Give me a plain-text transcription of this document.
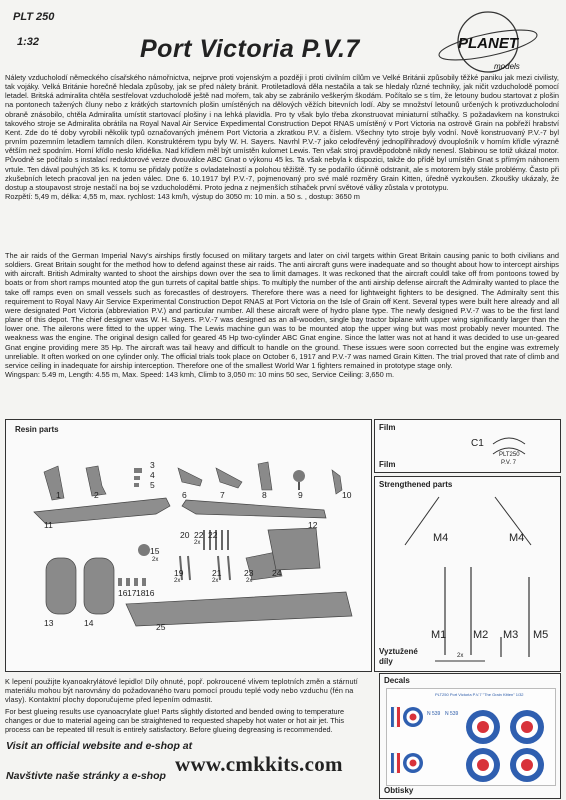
PLT 250
1:32	Port Victoria P.V.7	PLANET
models
Nálety vzducholodí německého císařského námořnictva, nejprve proti vojenským a později i proti civilním cílům ve Velké Británii způsobily těžké paniku jak mezi civilisty, tak vojáky. Velká Británie horečně hledala způsoby, jak se před nálety bránit. Protiletadlová děla nestačila a tak se hledaly různé techniky, jak ničit vzducholodě pomocí letadel. Britská admiralita chtěla sestřelovat vzducholodě ještě nad mořem, tak aby se zabránilo veškerým škodám. Počítalo se s tím, že letouny budou startovat z plošin na pontonech tažených čluny nebo z krátkých startovních plošin umístěných na dělových věžích bitevních lodí. Aby se množství letounů určených k protivzducholodní obraně znásobilo, chtěla Admiralita umístit startovací plošiny i na lehká plavidla. Pro ty však bylo třeba zkonstruovat miniaturní stíhačky. S požadavkem na konstrukci takového stroje se Admiralita obrátila na Royal Naval Air Service Expedimental Construction Depot RNAS umístěný v Port Victoria na ostrově Grain na pobřeží hrabství Kent. Zde do té doby vyrobili několik typů označovaných jménem Port Victoria a zkratkou P.V. a číslem. Všechny tyto stroje byly vodní. Nově konstruovaný P.V.-7 byl prvním pozemním letadlem tamních dílen. Konstruktérem typu byly W. H. Sayers. Navrhl P.V.-7 jako celodřevěný jednoplřihradový dvouplošník v horním křídle výrazně větším než spodním. Horní křídlo neslo křidélka. Nad křídlem měl být umístěn kulomet Lewis. Ten však stroj pravděpodobně nikdy nenesl. Slabinou se totiž ukázal motor. Původně se počítalo s instalací reduktorové verze dvouválce ABC Gnat o výkonu 45 ks. Ta však nebyla k dispozici, takže do přídě byl umístěn Gnat s přímým náhonem vrtule. Ten dával pouhých 35 ks. K tomu se přidaly potíže s ovladatelností a polohou těžiště. Ty se podařilo účinně odstranit, ale s motorem byly stále problémy. Často při zkušebních letech pracoval jen na jeden válec. Dne 6. 10.1917 byl P.V.-7, pojmenovaný pro své malé rozměry Grain Kitten, úředně vyzkoušen. Zkoušky ukázaly, že dostup a stoupavost stroje nestačí na boj se vzducholoděmi. Proto jedna z nejmenších stíhaček první světové války zůstala v prototypu.
Rozpětí: 5,49 m, délka: 4,55 m, max. rychlost: 143 km/h, výstup do 3050 m: 10 min. a 50 s. , dostup: 3650 m
The air raids of the German Imperial Navy's airships firstly focused on military targets and later on civil targets within Great Britain causing panic to both civilians and soldiers. Great Britain sought for the method how to defend against these air raids. The anti aircraft guns were inadequate and so thought about how to intercept airships with aircraft. British Admiralty wanted to shoot the airships down over the sea to limit damages. It was reckoned that the aircraft couldl take off from pontoons towed by boats or from short ramps mounted atop the gun turrets of capital battle ships. To multiply the number of the anti airship defense aircraft the Admiralty wanted to place the take off ramps even on small vessels such as forecastles of destroyers. Therefore there was a need for lightweight fighters to be designed. The Admiralty sent this requirement to Royal Navy Air Service Experimental Construction Depot RNAS at Port Victoria on the Isle of Grain off Kent. Several types were built here already and all were designated Port Victoria (abbreviation P.V.) and particular number. All these aircraft were of hydro plane type. The newly designed P.V.-7 was to be the first land plane of this depot. The chief designer was W. H. Sayers. P.V.-7 was designed as an all-wooden, single bay tractor biplane with upper wing significantly larger than the lower one. The ailerons were fitted to the upper wing. The Lewis machine gun was to be mounted atop the upper wing but was most probably never mounted. The weakness was the engine. The original design called for geared 45 Hp two-cylinder ABC Gnat engine. Since the latter was not at hand it was decided to use un-geared Gnat engine providing mere 35 Hp. The aircraft was tail heavy and difficult to handle on the ground. These issues were soon corrected but the engine was extremely unreliable. It often worked on one cylinder only. The official trials took place on October 6, 1917 and P.V.-7 was named Grain Kitten. The trial proved that rate of climb and service ceiling in inadequate for airship interception. Therefore one of the smallest World War 1 fighters remained in prototype stage only.
Wingspan: 5.49 m, Length: 4.55 m, Max. Speed: 143 kmh, Climb to 3,050 m: 10 mins 50 sec, Service Ceiling: 3,650 m.
Resin parts
1	2
3
4
5
6	7	8	9	10
11	12
13	14
15
2x
16 17 18 16
19
2x
20 22 22
2x
21
2x
23
2x
24
25
Film
Film
C1
PLT250
P.V. 7
Strengthened parts
M4	M4
M1 M2 M3 M5
2x
Vyztužené díly
K lepení použijte kyanoakrylátové lepidlo! Díly ohnuté, popř. pokroucené vlivem teplotních změn a stárnutí materiálu mohou být narovnány do požadovaného tvaru pomocí proudu teplé vody nebo vzduchu (fén na vlasy). Kontaktní plochy doporučujeme před lepením odmastit.
For best glueing results use cyanoacrylate glue! Parts slightly distorted and bended owing to temperature changes or due to material ageing can be straightened to requested shapeby hot water or hot air jet. This process can be repeated till result is entirely satisfactory. Before glueing degreasing is recommended.
Decals
Obtisky
PLT250 Port Victoria P.V.7 "The Grain Kitten" 1/32
N 539 N 539
Visit an official website and e-shop at
Navštivte naše stránky a e-shop www.cmkkits.com
